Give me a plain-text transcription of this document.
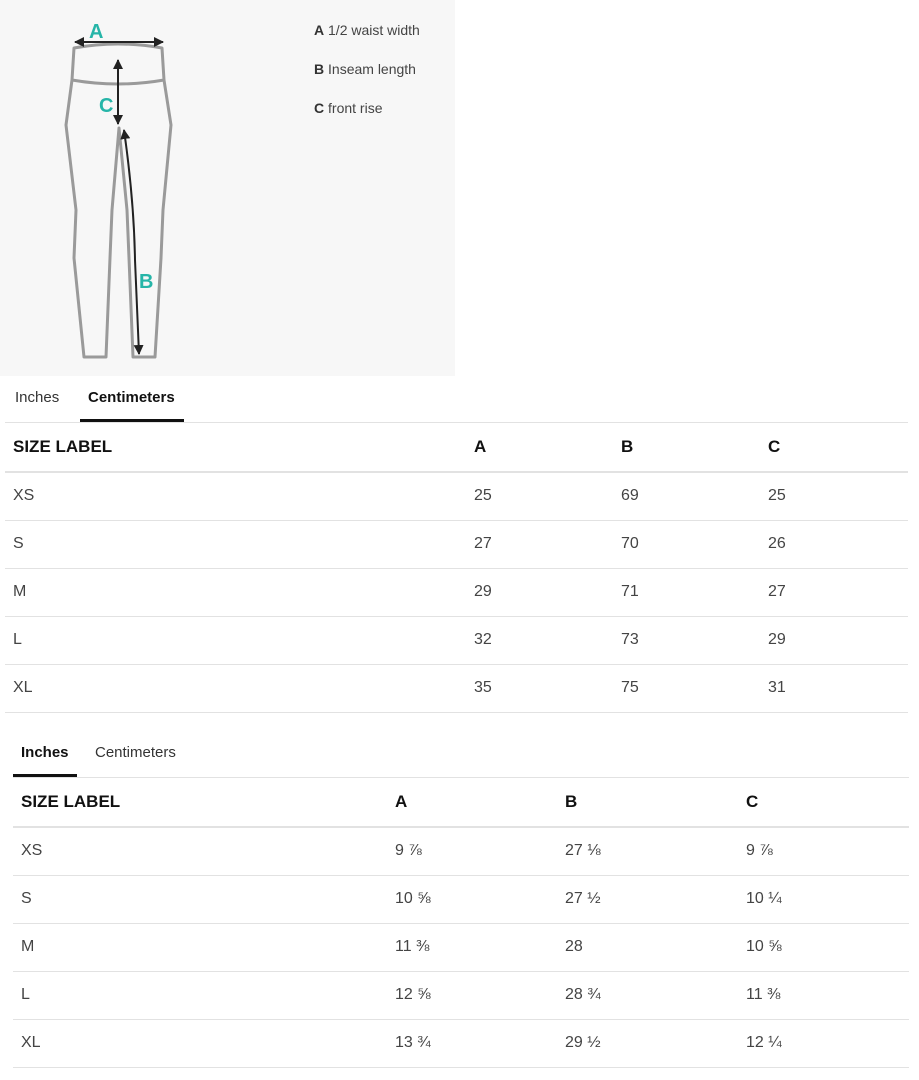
A
C
B
A 1/2 waist width
B Inseam length
C front rise
Inches	Centimeters
SIZE LABEL	A	B	C
XS	25	69	25
S	27	70	26
M	29	71	27
L	32	73	29
XL	35	75	31
Inches	Centimeters
SIZE LABEL	A	B	C
XS	9 ⅞	27 ⅛	9 ⅞
S	10 ⅝	27 ½	10 ¼
M	11 ⅜	28	10 ⅝
L	12 ⅝	28 ¾	11 ⅜
XL	13 ¾	29 ½	12 ¼
